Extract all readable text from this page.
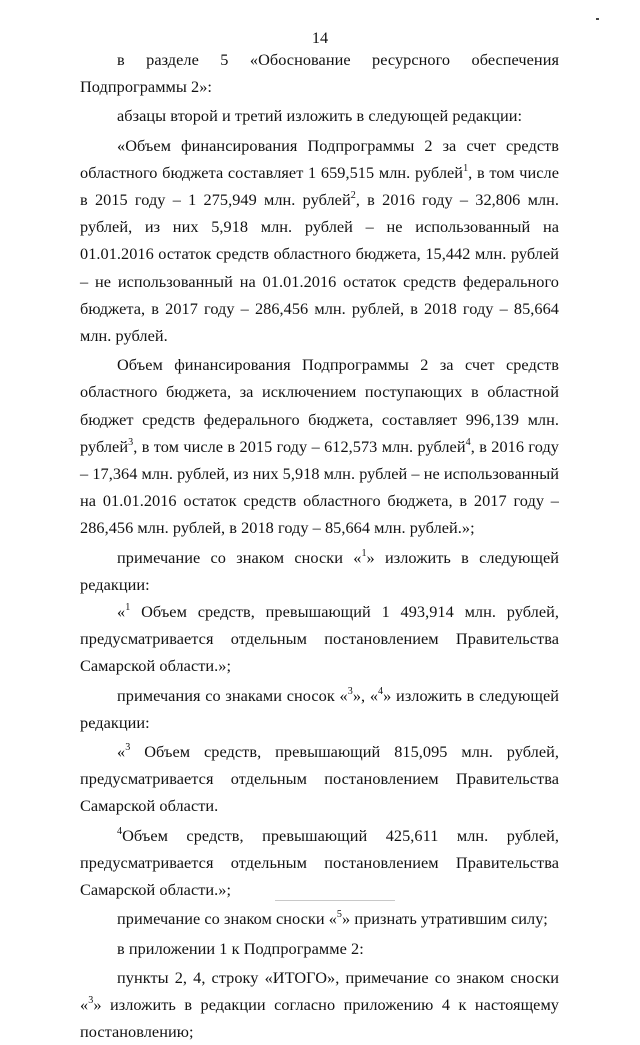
14

в разделе 5 «Обоснование ресурсного обеспечения Подпрограммы 2»:

абзацы второй и третий изложить в следующей редакции:

«Объем финансирования Подпрограммы 2 за счет средств областного бюджета составляет 1 659,515 млн. рублей$^1$, в том числе в 2015 году – 1 275,949 млн. рублей$^2$, в 2016 году – 32,806 млн. рублей, из них 5,918 млн. рублей – не использованный на 01.01.2016 остаток средств областного бюджета, 15,442 млн. рублей – не использованный на 01.01.2016 остаток средств федерального бюджета, в 2017 году – 286,456 млн. рублей, в 2018 году – 85,664 млн. рублей.

Объем финансирования Подпрограммы 2 за счет средств областного бюджета, за исключением поступающих в областной бюджет средств федерального бюджета, составляет 996,139 млн. рублей$^3$, в том числе в 2015 году – 612,573 млн. рублей$^4$, в 2016 году – 17,364 млн. рублей, из них 5,918 млн. рублей – не использованный на 01.01.2016 остаток средств областного бюджета, в 2017 году – 286,456 млн. рублей, в 2018 году – 85,664 млн. рублей.»;

примечание со знаком сноски «$^1$» изложить в следующей редакции:

«$^1$ Объем средств, превышающий 1 493,914 млн. рублей, предусматривается отдельным постановлением Правительства Самарской области.»;

примечания со знаками сносок «$^3$», «$^4$» изложить в следующей редакции:

«$^3$ Объем средств, превышающий 815,095 млн. рублей, предусматривается отдельным постановлением Правительства Самарской области.

$^4$Объем средств, превышающий 425,611 млн. рублей, предусматривается отдельным постановлением Правительства Самарской области.»;

примечание со знаком сноски «$^5$» признать утратившим силу;

в приложении 1 к Подпрограмме 2:

пункты 2, 4, строку «ИТОГО», примечание со знаком сноски «$^3$» изложить в редакции согласно приложению 4 к настоящему постановлению;
